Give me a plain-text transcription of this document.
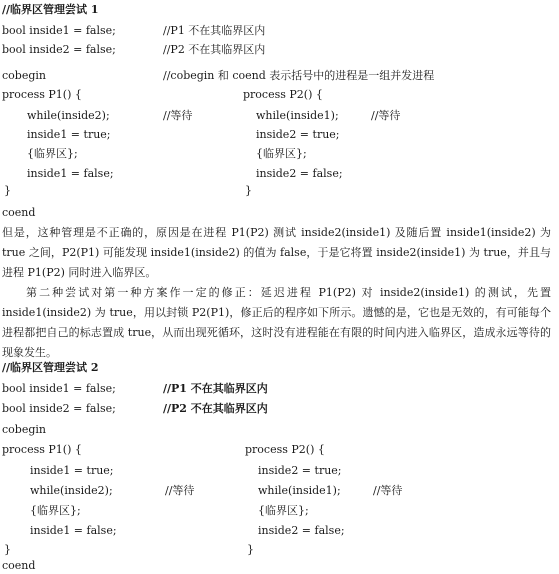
//临界区管理尝试 1
bool inside1 = false;	//P1 不在其临界区内
bool inside2 = false;	//P2 不在其临界区内
cobegin	//cobegin 和 coend 表示括号中的进程是一组并发进程
process P1() {	process P2() {
while(inside2);	//等待	while(inside1);	//等待
inside1 = true;	inside2 = true;
{临界区};	{临界区};
inside1 = false;	inside2 = false;
}	}
coend
但是，这种管理是不正确的，原因是在进程 P1(P2) 测试 inside2(inside1) 及随后置 inside1(inside2) 为 true 之间，P2(P1) 可能发现 inside1(inside2) 的值为 false，于是它将置 inside2(inside1) 为 true，并且与进程 P1(P2) 同时进入临界区。
第二种尝试对第一种方案作一定的修正：延迟进程 P1(P2) 对 inside2(inside1) 的测试，先置 inside1(inside2) 为 true，用以封锁 P2(P1)，修正后的程序如下所示。遗憾的是，它也是无效的，有可能每个进程都把自己的标志置成 true，从而出现死循环，这时没有进程能在有限的时间内进入临界区，造成永远等待的现象发生。
//临界区管理尝试 2
bool inside1 = false;	//P1 不在其临界区内
bool inside2 = false;	//P2 不在其临界区内
cobegin
process P1() {	process P2() {
inside1 = true;	inside2 = true;
while(inside2);	//等待	while(inside1);	//等待
{临界区};	{临界区};
inside1 = false;	inside2 = false;
}	}
coend
